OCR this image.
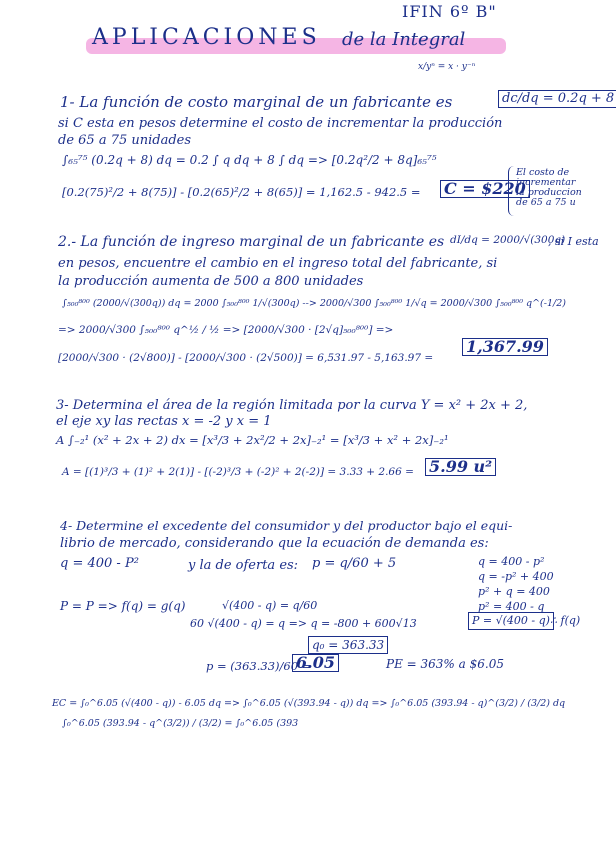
IFIN 6º B"
APLICACIONES de la Integral
x/yⁿ = x · y⁻ⁿ
1- La función de costo marginal de un fabricante es	dc/dq = 0.2q + 8
si C esta en pesos determine el costo de incrementar la producción
de 65 a 75 unidades
∫₆₅⁷⁵ (0.2q + 8) dq = 0.2 ∫ q dq + 8 ∫ dq => [0.2q²/2 + 8q]₆₅⁷⁵
[0.2(75)²/2 + 8(75)] - [0.2(65)²/2 + 8(65)] = 1,162.5 - 942.5 = C = $220
El costo de
incrementar
la produccion
de 65 a 75 u
2.- La función de ingreso marginal de un fabricante es dI/dq = 2000/√(300q)
, si I esta
en pesos, encuentre el cambio en el ingreso total del fabricante, si
la producción aumenta de 500 a 800 unidades
∫₅₀₀⁸⁰⁰ (2000/√(300q)) dq = 2000 ∫₅₀₀⁸⁰⁰ 1/√(300q) --> 2000/√300 ∫₅₀₀⁸⁰⁰ 1/√q = 2000/√300 ∫₅₀₀⁸⁰⁰ q^(-1/2)
=> 2000/√300 ∫₅₀₀⁸⁰⁰ q^½ / ½ => [2000/√300 · [2√q]₅₀₀⁸⁰⁰] =>
[2000/√300 · (2√800)] - [2000/√300 · (2√500)] = 6,531.97 - 5,163.97 =
1,367.99
3- Determina el área de la región limitada por la curva Y = x² + 2x + 2,
el eje xy las rectas x = -2 y x = 1
A ∫₋₂¹ (x² + 2x + 2) dx = [x³/3 + 2x²/2 + 2x]₋₂¹ = [x³/3 + x² + 2x]₋₂¹
A = [(1)³/3 + (1)² + 2(1)] - [(-2)³/3 + (-2)² + 2(-2)] = 3.33 + 2.66 = 5.99 u²
4- Determine el excedente del consumidor y del productor bajo el equi-
librio de mercado, considerando que la ecuación de demanda es:
q = 400 - P²	y la de oferta es: p = q/60 + 5	q = 400 - p²
q = -p² + 400
p² + q = 400
p² = 400 - q
P = √(400 - q) ∴ f(q)
P = P => f(q) = g(q)	√(400 - q) = q/60
60 √(400 - q) = q => q = -800 + 600√13
q₀ = 363.33
p = (363.33)/60 =
6.05	PE = 363% a $6.05
EC = ∫₀^6.05 (√(400 - q)) - 6.05 dq => ∫₀^6.05 (√(393.94 - q)) dq => ∫₀^6.05 (393.94 - q)^(3/2) / (3/2) dq
∫₀^6.05 (393.94 - q^(3/2)) / (3/2) = ∫₀^6.05 (393
